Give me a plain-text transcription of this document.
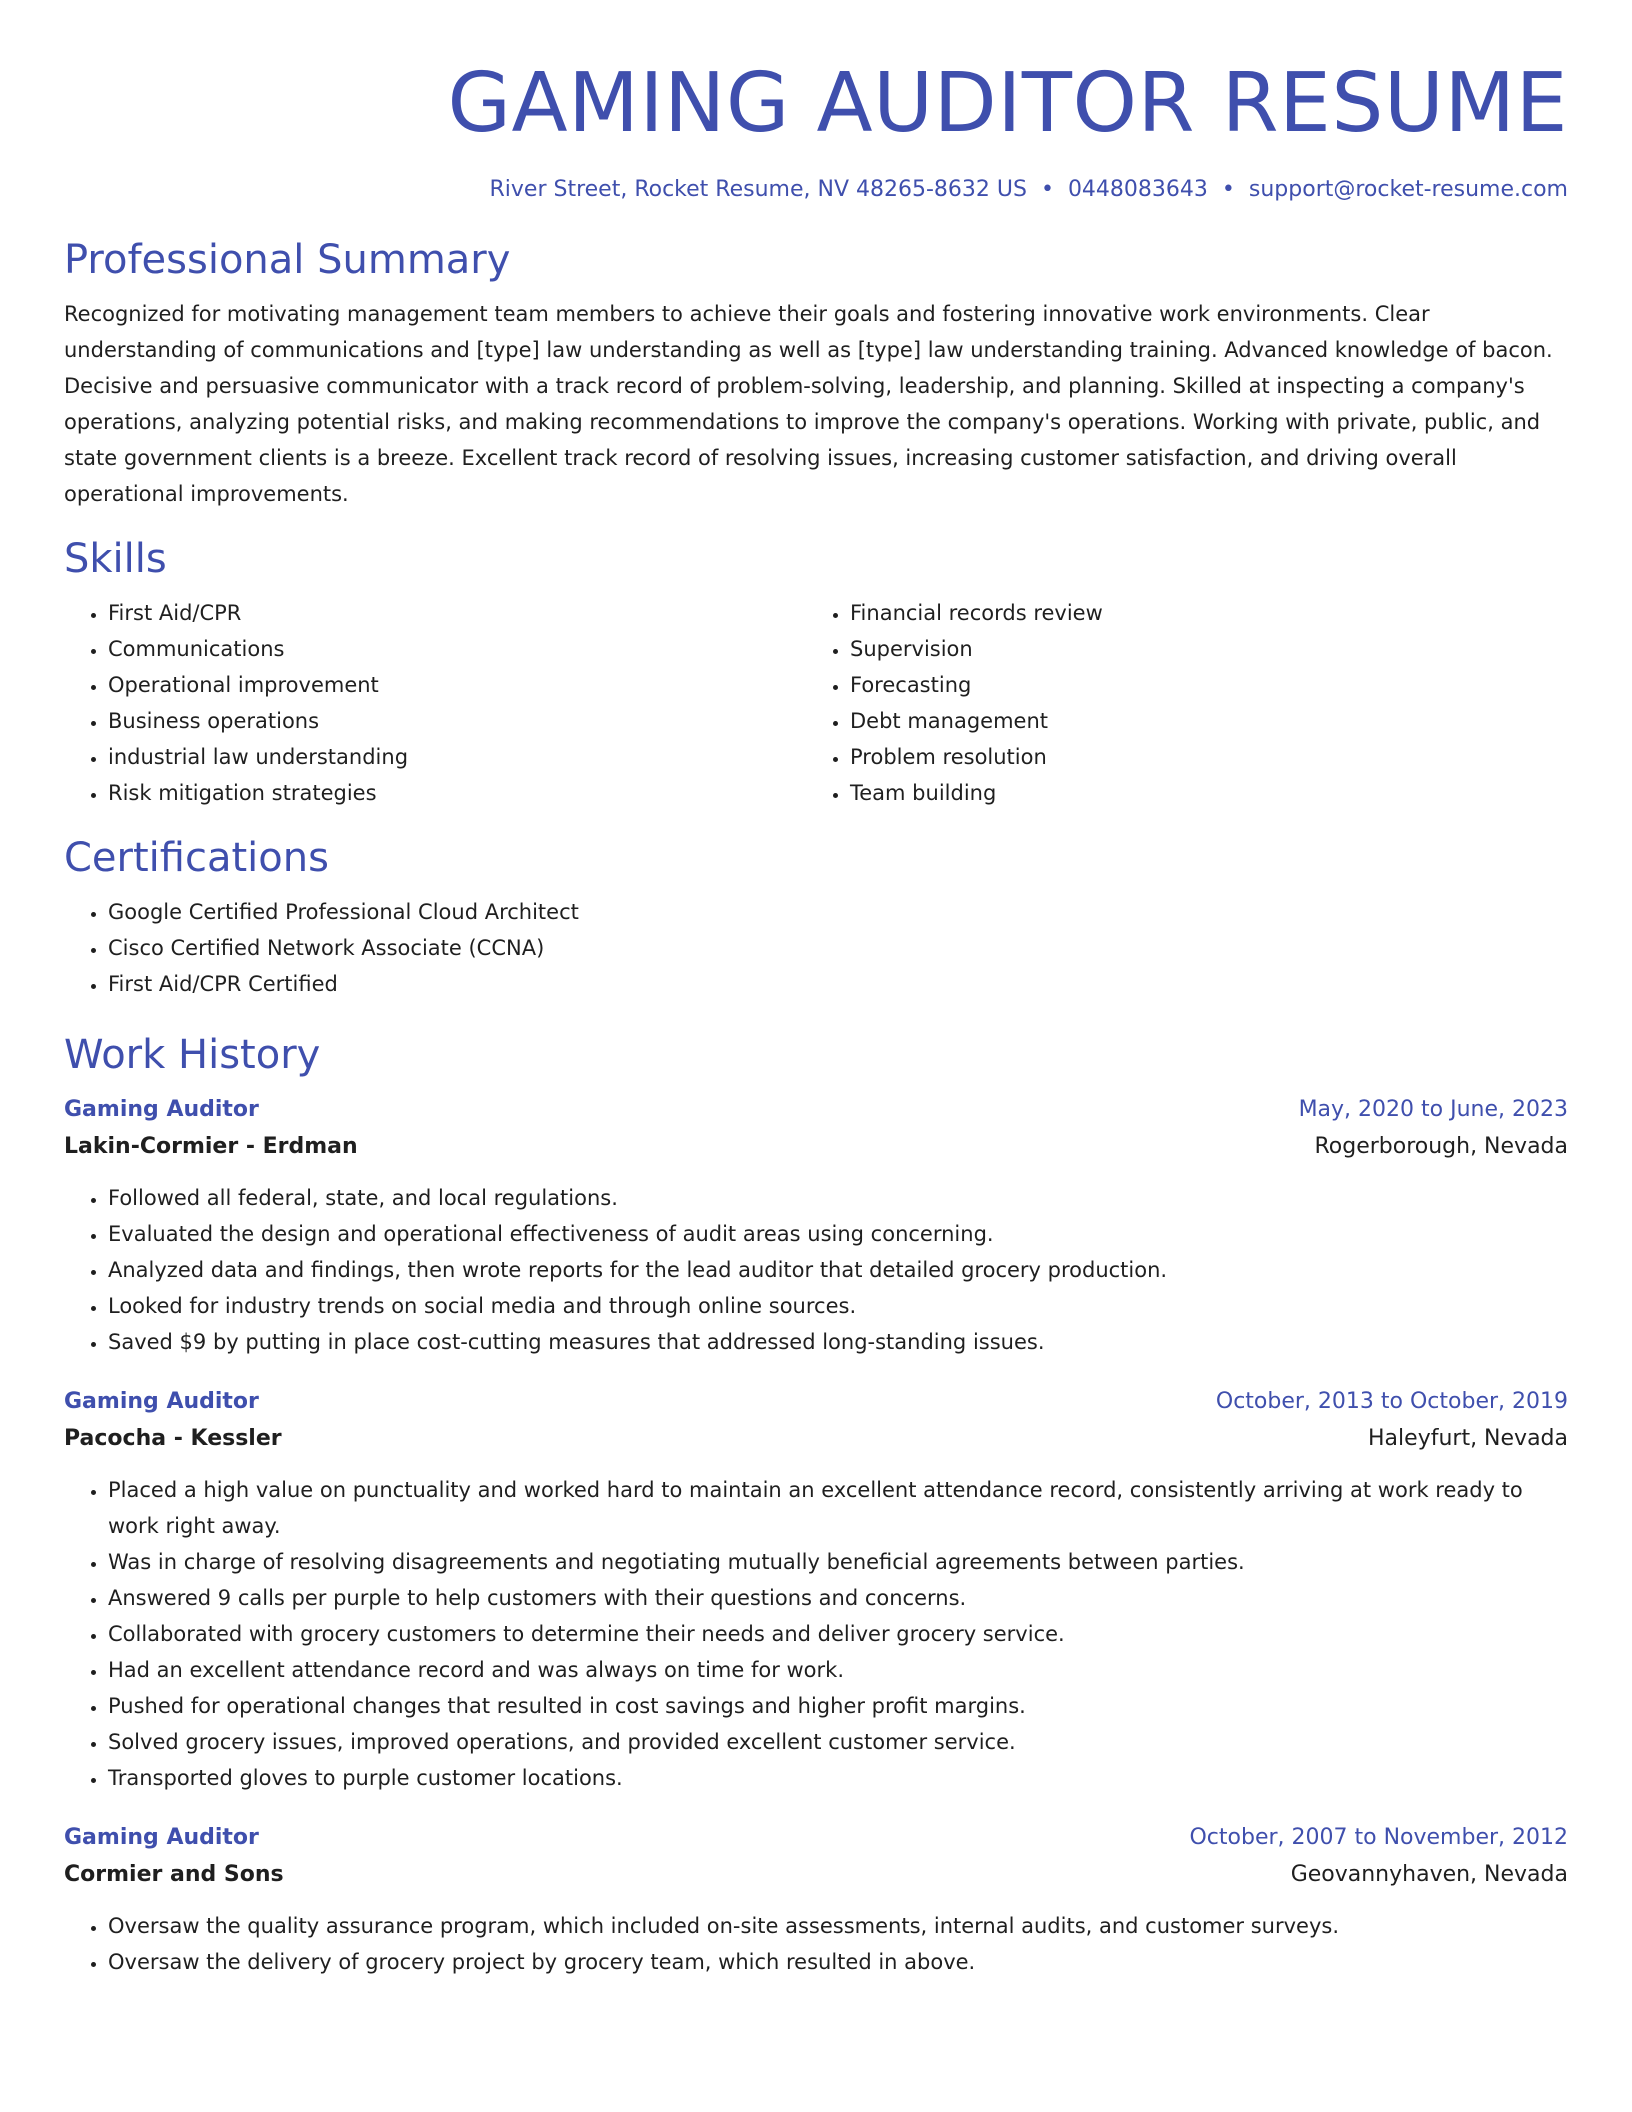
GAMING AUDITOR RESUME
River Street, Rocket Resume, NV 48265-8632 US • 0448083643 • support@rocket-resume.com
Professional Summary

Recognized for motivating management team members to achieve their goals and fostering innovative work environments. Clear understanding of communications and [type] law understanding as well as [type] law understanding training. Advanced knowledge of bacon. Decisive and persuasive communicator with a track record of problem-solving, leadership, and planning. Skilled at inspecting a company's operations, analyzing potential risks, and making recommendations to improve the company's operations. Working with private, public, and state government clients is a breeze. Excellent track record of resolving issues, increasing customer satisfaction, and driving overall operational improvements.

Skills
• First Aid/CPR
• Communications
• Operational improvement
• Business operations
• industrial law understanding
• Risk mitigation strategies
• Financial records review
• Supervision
• Forecasting
• Debt management
• Problem resolution
• Team building
Certifications
• Google Certified Professional Cloud Architect
• Cisco Certified Network Associate (CCNA)
• First Aid/CPR Certified
Work History
Gaming Auditor	May, 2020 to June, 2023
Lakin-Cormier - Erdman	Rogerborough, Nevada
• Followed all federal, state, and local regulations.
• Evaluated the design and operational effectiveness of audit areas using concerning.
• Analyzed data and findings, then wrote reports for the lead auditor that detailed grocery production.
• Looked for industry trends on social media and through online sources.
• Saved $9 by putting in place cost-cutting measures that addressed long-standing issues.
Gaming Auditor	October, 2013 to October, 2019
Pacocha - Kessler	Haleyfurt, Nevada
• Placed a high value on punctuality and worked hard to maintain an excellent attendance record, consistently arriving at work ready to work right away.
• Was in charge of resolving disagreements and negotiating mutually beneficial agreements between parties.
• Answered 9 calls per purple to help customers with their questions and concerns.
• Collaborated with grocery customers to determine their needs and deliver grocery service.
• Had an excellent attendance record and was always on time for work.
• Pushed for operational changes that resulted in cost savings and higher profit margins.
• Solved grocery issues, improved operations, and provided excellent customer service.
• Transported gloves to purple customer locations.
Gaming Auditor	October, 2007 to November, 2012
Cormier and Sons	Geovannyhaven, Nevada
• Oversaw the quality assurance program, which included on-site assessments, internal audits, and customer surveys.
• Oversaw the delivery of grocery project by grocery team, which resulted in above.
